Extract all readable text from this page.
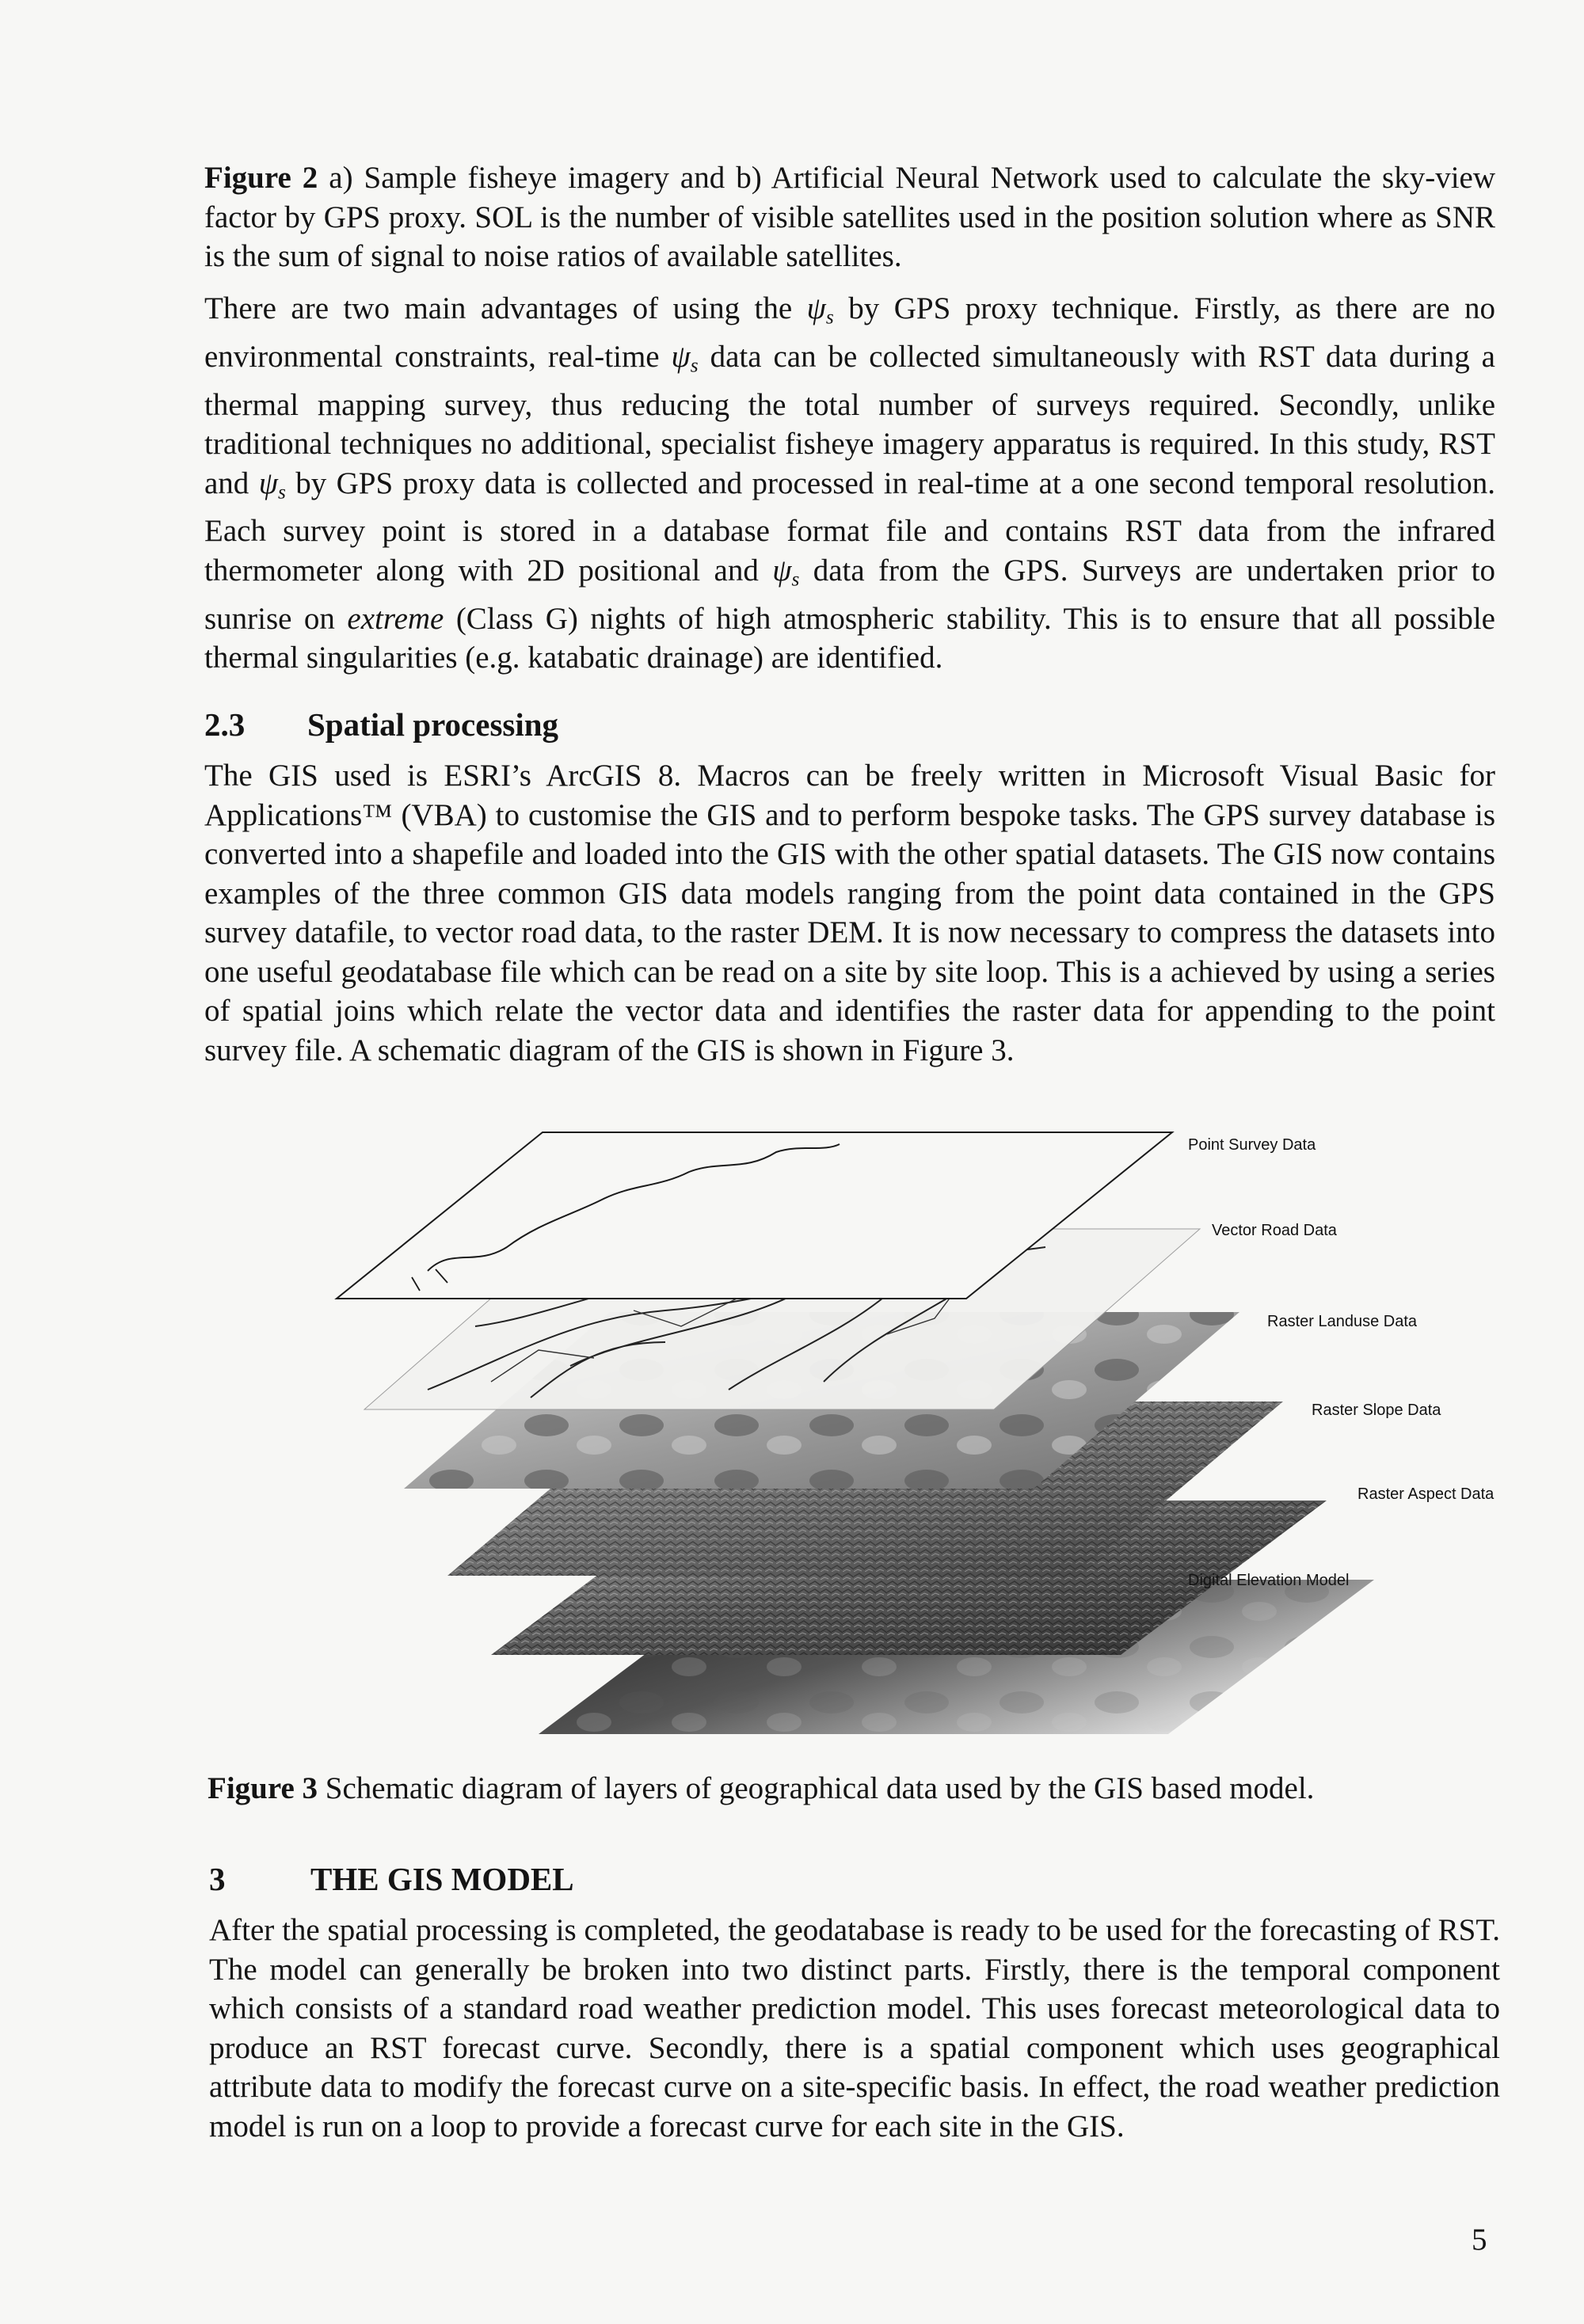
Figure 2 a) Sample fisheye imagery and b) Artificial Neural Network used to calculate the sky-view factor by GPS proxy. SOL is the number of visible satellites used in the position solution where as SNR is the sum of signal to noise ratios of available satellites.

There are two main advantages of using the $\psi_s$ by GPS proxy technique. Firstly, as there are no environmental constraints, real-time $\psi_s$ data can be collected simultaneously with RST data during a thermal mapping survey, thus reducing the total number of surveys required. Secondly, unlike traditional techniques no additional, specialist fisheye imagery apparatus is required. In this study, RST and $\psi_s$ by GPS proxy data is collected and processed in real-time at a one second temporal resolution. Each survey point is stored in a database format file and contains RST data from the infrared thermometer along with 2D positional and $\psi_s$ data from the GPS. Surveys are undertaken prior to sunrise on extreme (Class G) nights of high atmospheric stability. This is to ensure that all possible thermal singularities (e.g. katabatic drainage) are identified.

2.3 Spatial processing

The GIS used is ESRI’s ArcGIS 8. Macros can be freely written in Microsoft Visual Basic for Applications™ (VBA) to customise the GIS and to perform bespoke tasks. The GPS survey database is converted into a shapefile and loaded into the GIS with the other spatial datasets. The GIS now contains examples of the three common GIS data models ranging from the point data contained in the GPS survey datafile, to vector road data, to the raster DEM. It is now necessary to compress the datasets into one useful geodatabase file which can be read on a site by site loop. This is a achieved by using a series of spatial joins which relate the vector data and identifies the raster data for appending to the point survey file. A schematic diagram of the GIS is shown in Figure 3.

Point Survey Data
Vector Road Data
Raster Landuse Data
Raster Slope Data
Raster Aspect Data
Digital Elevation Model
Figure 3 Schematic diagram of layers of geographical data used by the GIS based model.
3	THE GIS MODEL

After the spatial processing is completed, the geodatabase is ready to be used for the forecasting of RST. The model can generally be broken into two distinct parts. Firstly, there is the temporal component which consists of a standard road weather prediction model. This uses forecast meteorological data to produce an RST forecast curve. Secondly, there is a spatial component which uses geographical attribute data to modify the forecast curve on a site-specific basis. In effect, the road weather prediction model is run on a loop to provide a forecast curve for each site in the GIS.

5
